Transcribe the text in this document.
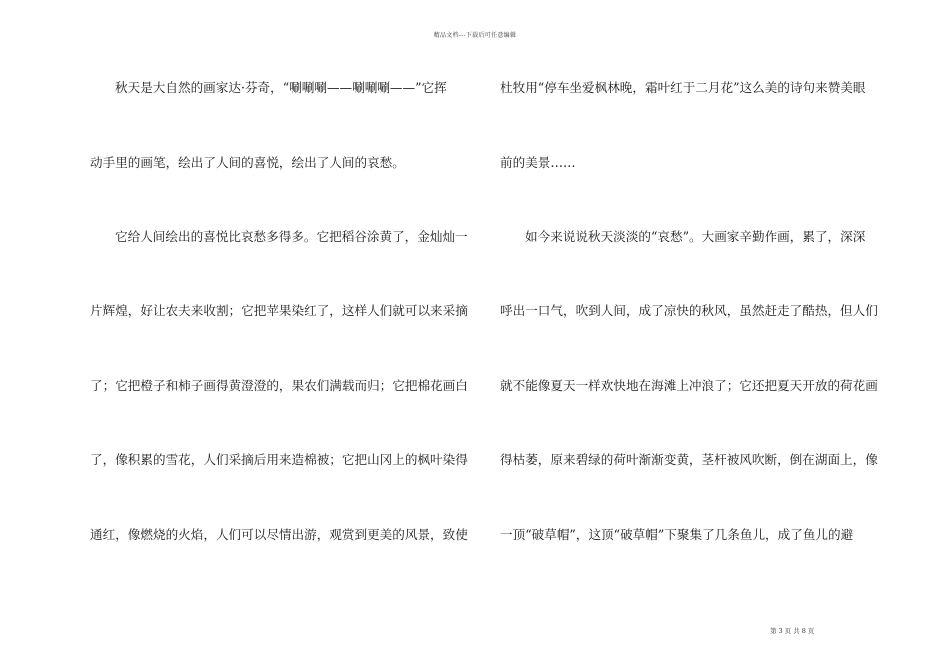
精品文档---下载后可任意编辑
秋天是大自然的画家达·芬奇，“唰唰唰——唰唰唰——”它挥
动手里的画笔，绘出了人间的喜悦，绘出了人间的哀愁。
它给人间绘出的喜悦比哀愁多得多。它把稻谷涂黄了，金灿灿一
片辉煌，好让农夫来收割；它把苹果染红了，这样人们就可以来采摘
了；它把橙子和柿子画得黄澄澄的，果农们满载而归；它把棉花画白
了，像积累的雪花，人们采摘后用来造棉被；它把山冈上的枫叶染得
通红，像燃烧的火焰，人们可以尽情出游，观赏到更美的风景，致使
杜牧用“停车坐爱枫林晚，霜叶红于二月花”这么美的诗句来赞美眼
前的美景……
如今来说说秋天淡淡的“哀愁”。大画家辛勤作画，累了，深深
呼出一口气，吹到人间，成了凉快的秋风，虽然赶走了酷热，但人们
就不能像夏天一样欢快地在海滩上冲浪了；它还把夏天开放的荷花画
得枯萎，原来碧绿的荷叶渐渐变黄，茎杆被风吹断，倒在湖面上，像
一顶“破草帽”，这顶“破草帽”下聚集了几条鱼儿，成了鱼儿的避
第 3 页 共 8 页
